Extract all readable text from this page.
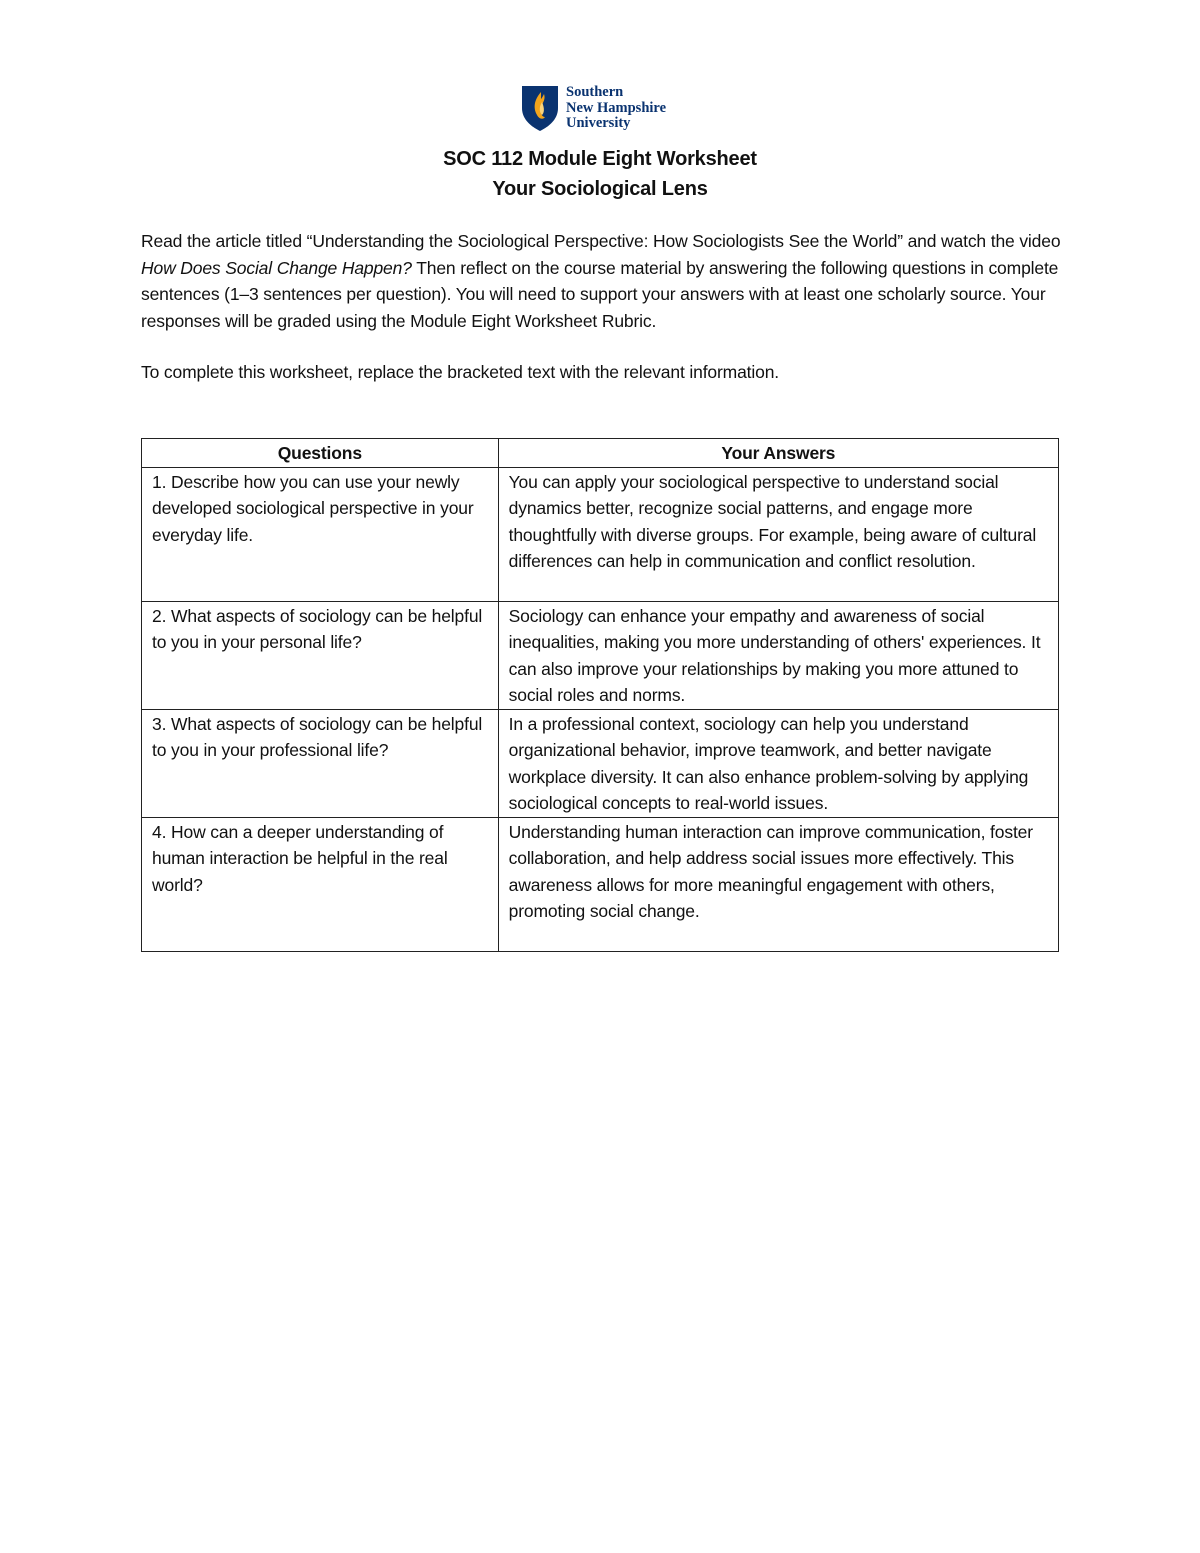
Southern
New Hampshire
University
SOC 112 Module Eight Worksheet
Your Sociological Lens

Read the article titled “Understanding the Sociological Perspective: How Sociologists See the World” and watch the video How Does Social Change Happen? Then reflect on the course material by answering the following questions in complete sentences (1–3 sentences per question). You will need to support your answers with at least one scholarly source. Your responses will be graded using the Module Eight Worksheet Rubric.

To complete this worksheet, replace the bracketed text with the relevant information.

Questions	Your Answers
1. Describe how you can use your newly developed sociological perspective in your everyday life.	You can apply your sociological perspective to understand social dynamics better, recognize social patterns, and engage more thoughtfully with diverse groups. For example, being aware of cultural differences can help in communication and conflict resolution.
2. What aspects of sociology can be helpful to you in your personal life?	Sociology can enhance your empathy and awareness of social inequalities, making you more understanding of others' experiences. It can also improve your relationships by making you more attuned to social roles and norms.
3. What aspects of sociology can be helpful to you in your professional life?	In a professional context, sociology can help you understand organizational behavior, improve teamwork, and better navigate workplace diversity. It can also enhance problem-solving by applying sociological concepts to real-world issues.
4. How can a deeper understanding of human interaction be helpful in the real world?	Understanding human interaction can improve communication, foster collaboration, and help address social issues more effectively. This awareness allows for more meaningful engagement with others, promoting social change.
